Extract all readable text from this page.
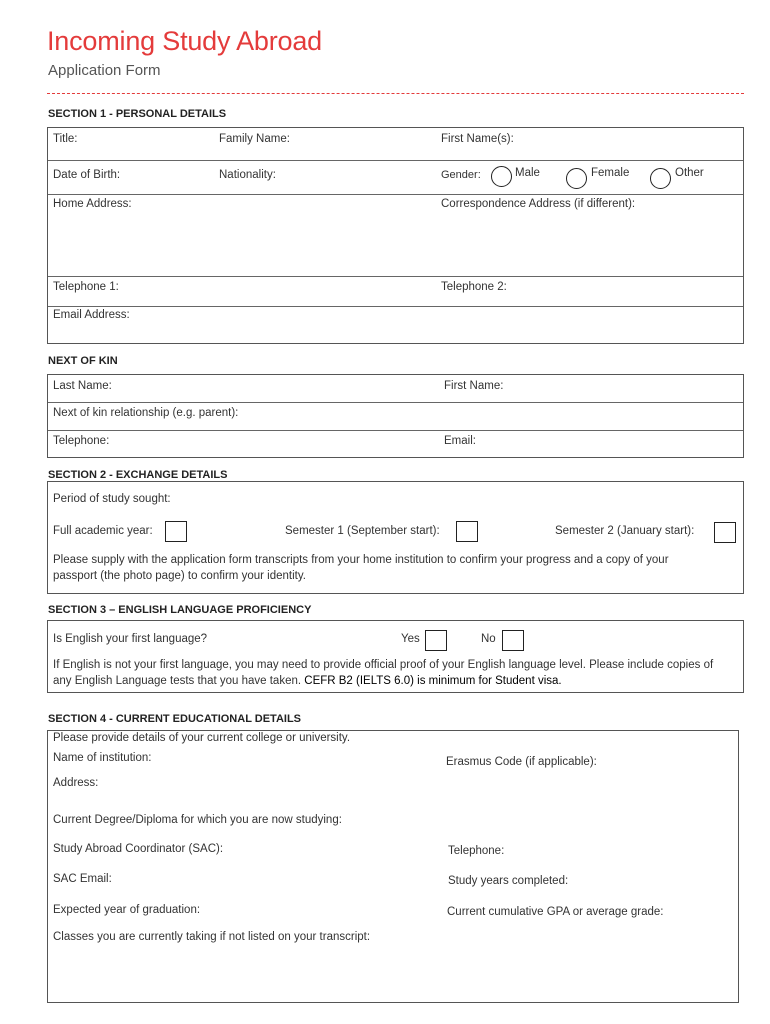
Incoming Study Abroad
Application Form
SECTION 1 - PERSONAL DETAILS
Title:	Family Name:	First Name(s):
Date of Birth:	Nationality:	Gender:	Male	Female	Other
Home Address:	Correspondence Address (if different):
Telephone 1:	Telephone 2:
Email Address:
NEXT OF KIN
Last Name:	First Name:
Next of kin relationship (e.g. parent):
Telephone:	Email:
SECTION 2 - EXCHANGE DETAILS
Period of study sought:
Full academic year:	Semester 1 (September start):	Semester 2 (January start):
Please supply with the application form transcripts from your home institution to confirm your progress and a copy of your passport (the photo page) to confirm your identity.
SECTION 3 – ENGLISH LANGUAGE PROFICIENCY
Is English your first language?	Yes	No
If English is not your first language, you may need to provide official proof of your English language level. Please include copies of any English Language tests that you have taken. CEFR B2 (IELTS 6.0) is minimum for Student visa.
SECTION 4 - CURRENT EDUCATIONAL DETAILS
Please provide details of your current college or university.
Name of institution:	Erasmus Code (if applicable):
Address:
Current Degree/Diploma for which you are now studying:
Study Abroad Coordinator (SAC):	Telephone:
SAC Email:	Study years completed:
Expected year of graduation:	Current cumulative GPA or average grade:
Classes you are currently taking if not listed on your transcript:
